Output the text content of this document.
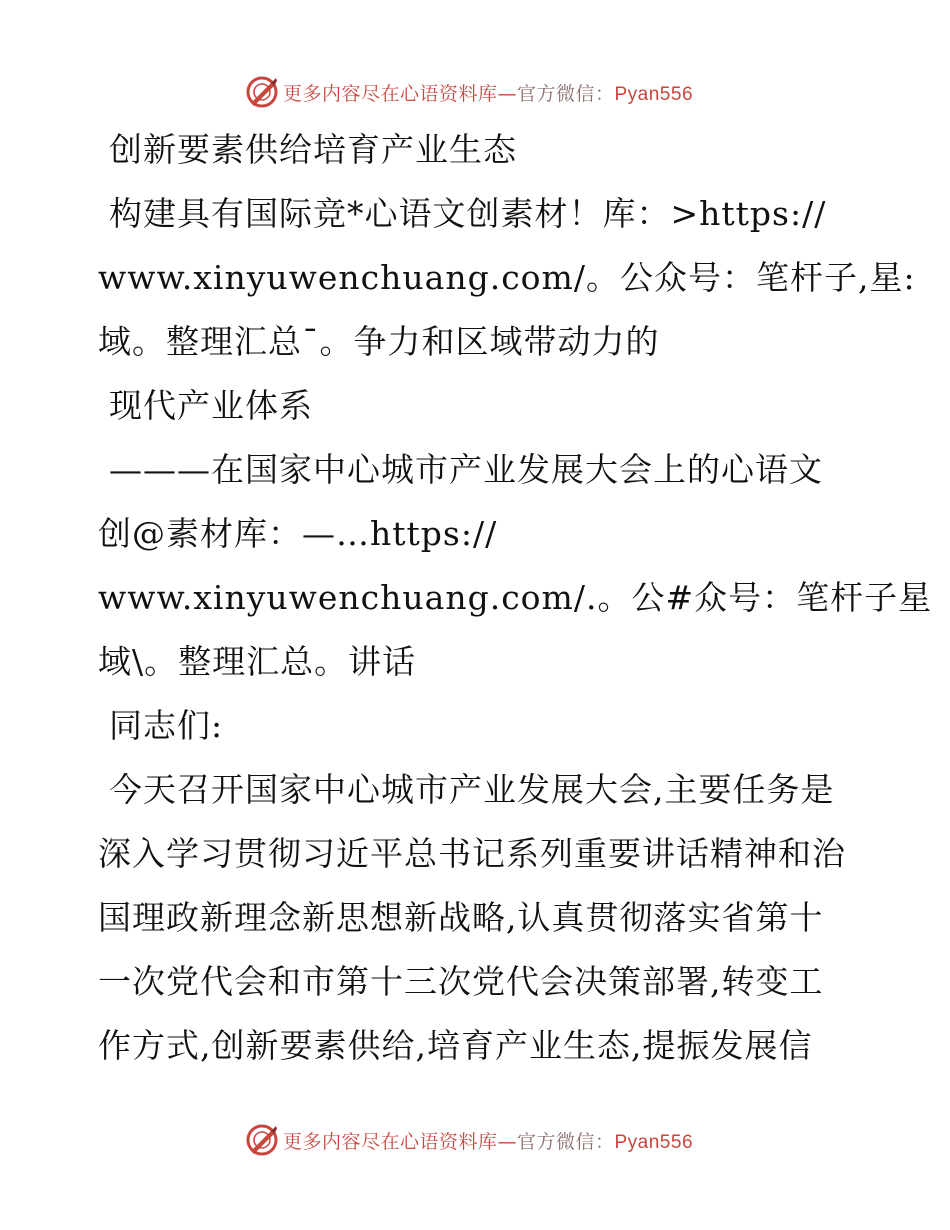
更多内容尽在心语资料库—官方微信：Pyan556
创新要素供给培育产业生态
构建具有国际竞*心语文创素材！库：>https://
www.xinyuwenchuang.com/。公众号：笔杆子,星:
域。整理汇总¯。争力和区域带动力的
现代产业体系
———在国家中心城市产业发展大会上的心语文
创@素材库：—…https://
www.xinyuwenchuang.com/.。公#众号：笔杆子星
域\。整理汇总。讲话
同志们:
今天召开国家中心城市产业发展大会,主要任务是
深入学习贯彻习近平总书记系列重要讲话精神和治
国理政新理念新思想新战略,认真贯彻落实省第十
一次党代会和市第十三次党代会决策部署,转变工
作方式,创新要素供给,培育产业生态,提振发展信
更多内容尽在心语资料库—官方微信：Pyan556
